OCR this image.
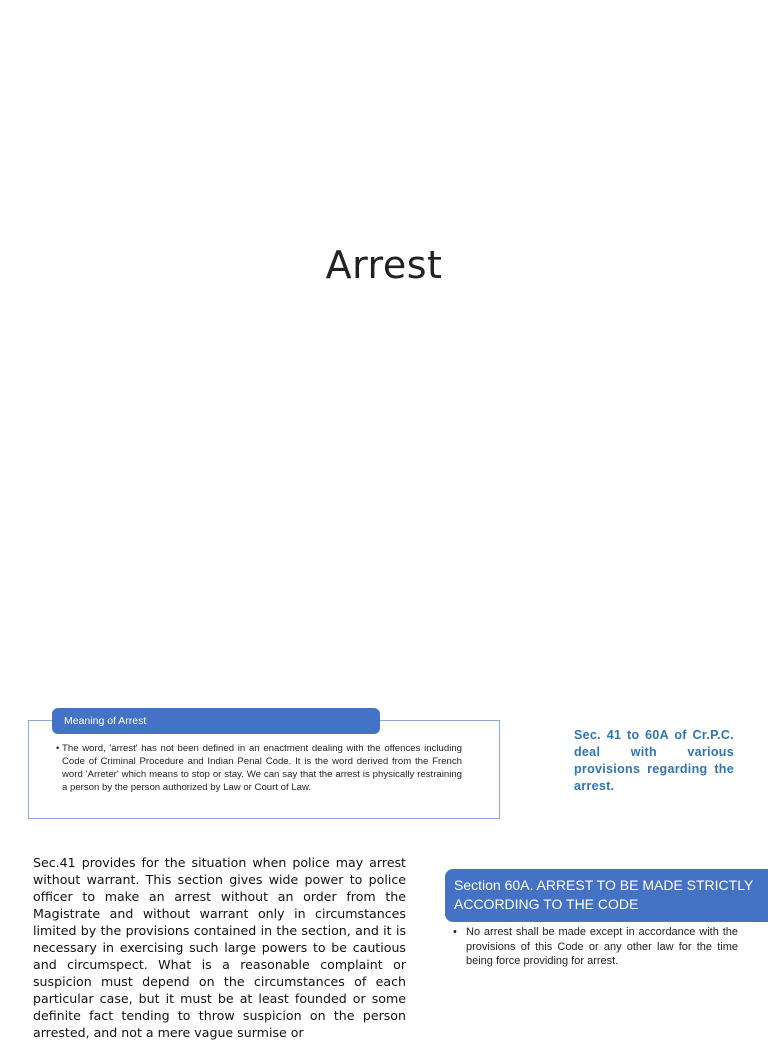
Arrest
Meaning of Arrest
• The word, 'arrest' has not been defined in an enactment dealing with the offences including Code of Criminal Procedure and Indian Penal Code. It is the word derived from the French word 'Arreter' which means to stop or stay. We can say that the arrest is physically restraining a person by the person authorized by Law or Court of Law.
Sec. 41 to 60A of Cr.P.C. deal with various provisions regarding the arrest.
Sec.41 provides for the situation when police may arrest without warrant. This section gives wide power to police officer to make an arrest without an order from the Magistrate and without warrant only in circumstances limited by the provisions contained in the section, and it is necessary in exercising such large powers to be cautious and circumspect. What is a reasonable complaint or suspicion must depend on the circumstances of each particular case, but it must be at least founded or some definite fact tending to throw suspicion on the person arrested, and not a mere vague surmise or
Section 60A. ARREST TO BE MADE STRICTLY ACCORDING TO THE CODE
• No arrest shall be made except in accordance with the provisions of this Code or any other law for the time being force providing for arrest.
